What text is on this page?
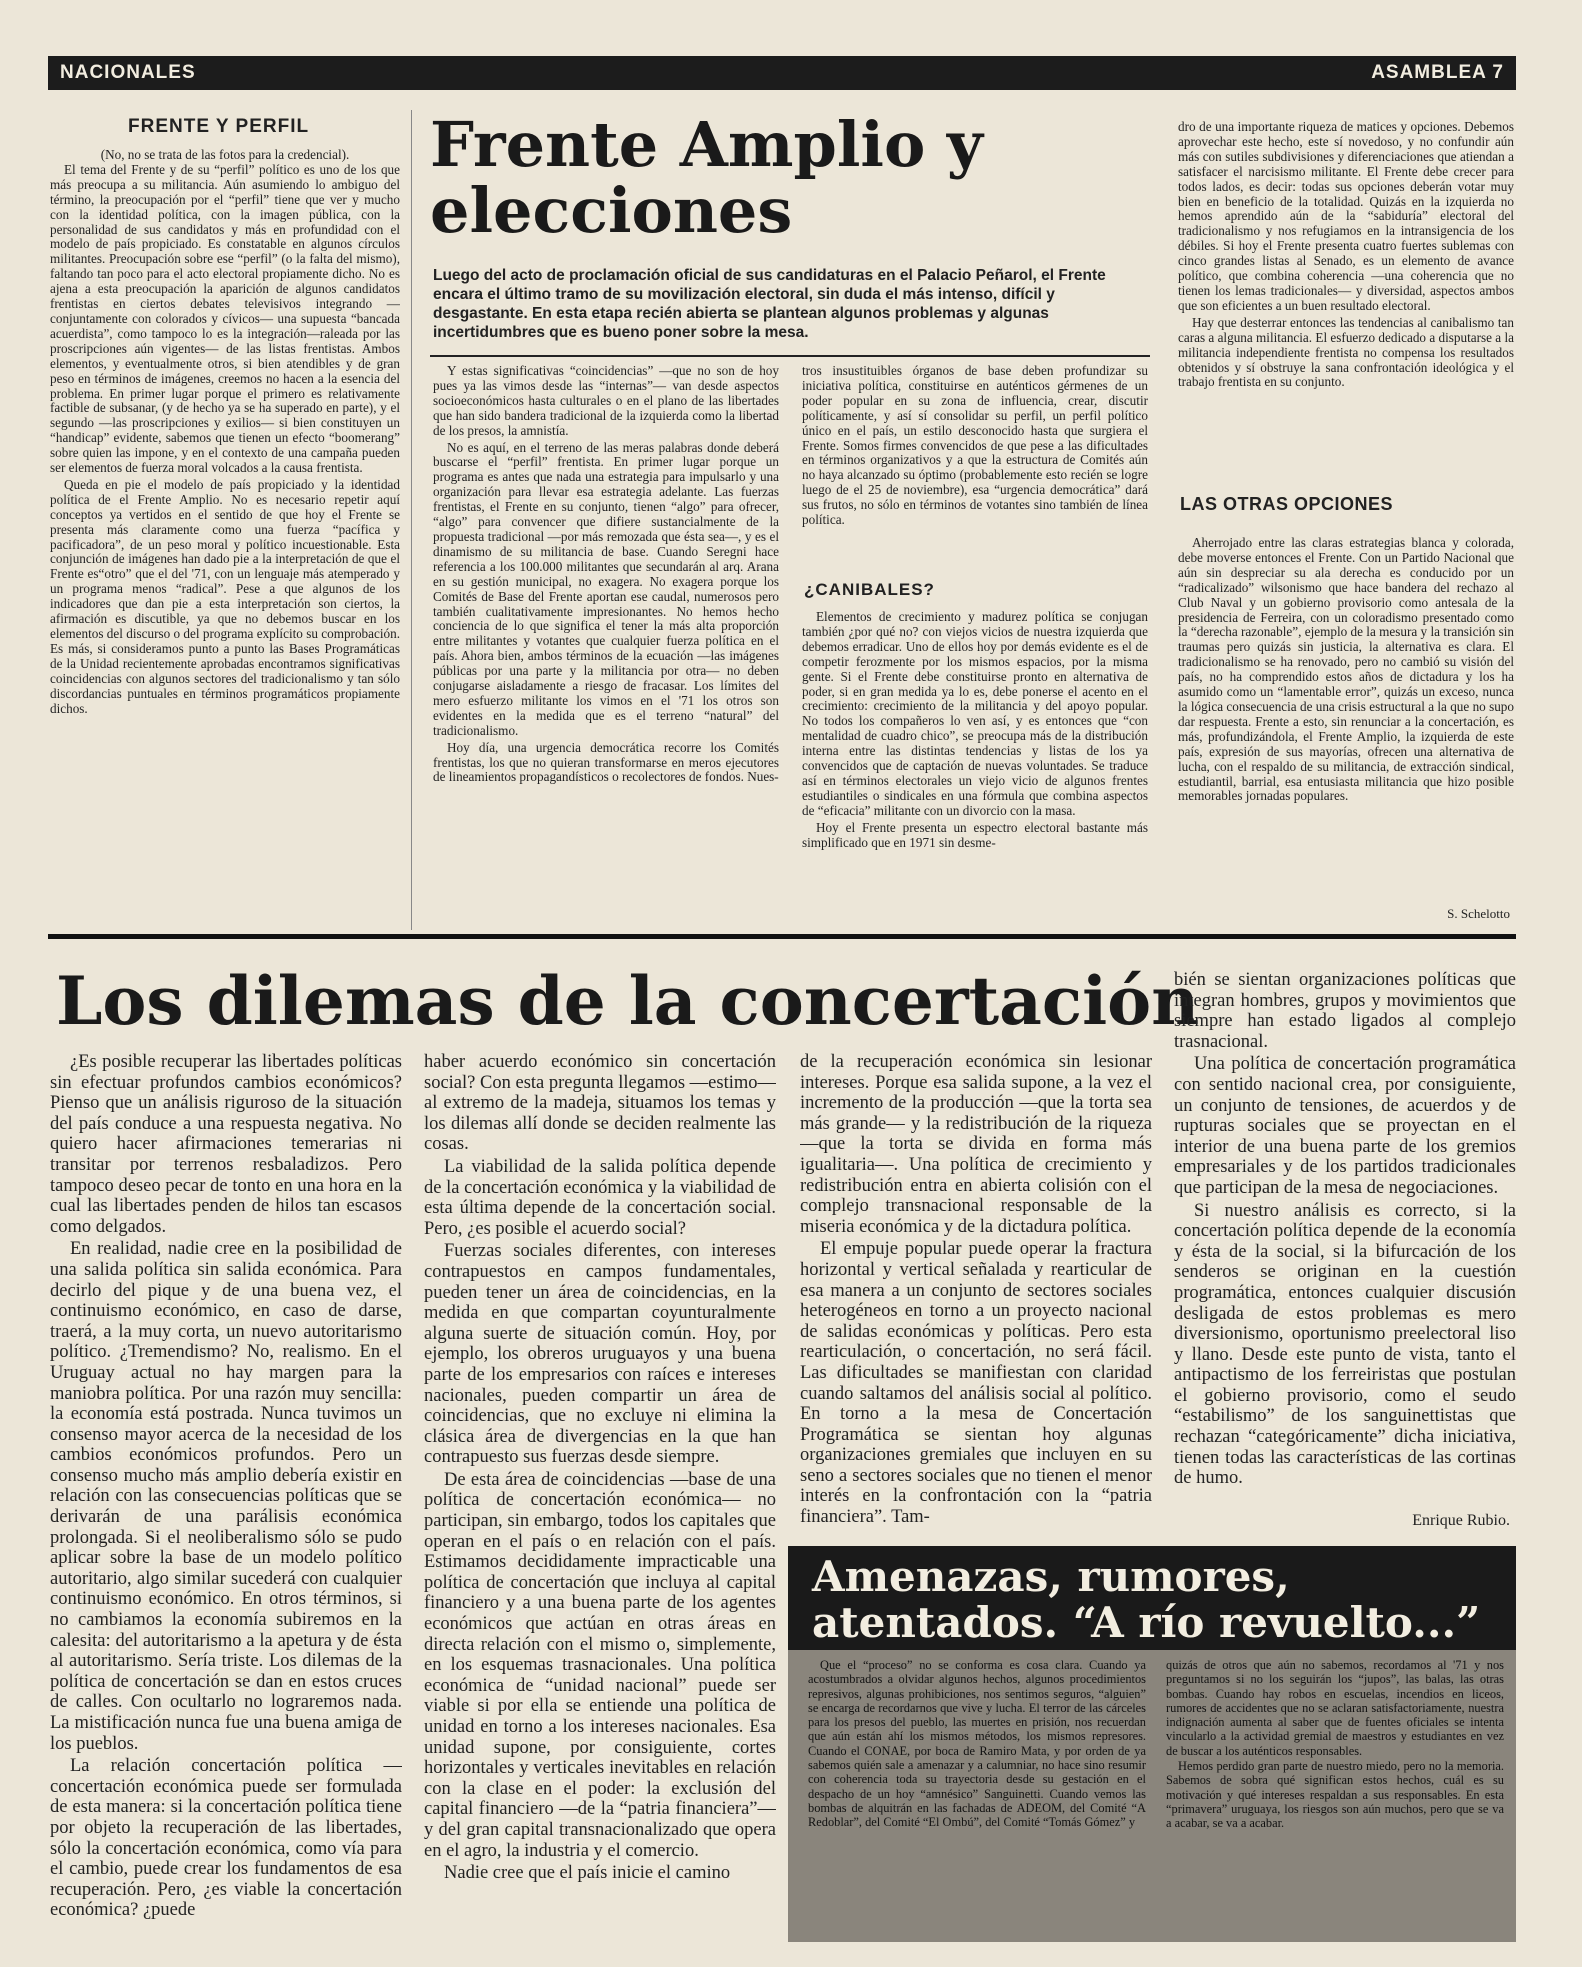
NACIONALES	ASAMBLEA 7
FRENTE Y PERFIL
(No, no se trata de las fotos para la credencial).

El tema del Frente y de su “perfil” político es uno de los que más preocupa a su militancia. Aún asumiendo lo ambiguo del término, la preocupación por el “perfil” tiene que ver y mucho con la identidad política, con la imagen pública, con la personalidad de sus candidatos y más en profundidad con el modelo de país propiciado. Es constatable en algunos círculos militantes. Preocupación sobre ese “perfil” (o la falta del mismo), faltando tan poco para el acto electoral propiamente dicho. No es ajena a esta preocupación la aparición de algunos candidatos frentistas en ciertos debates televisivos integrando —conjuntamente con colorados y cívicos— una supuesta “bancada acuerdista”, como tampoco lo es la integración—raleada por las proscripciones aún vigentes— de las listas frentistas. Ambos elementos, y eventualmente otros, si bien atendibles y de gran peso en términos de imágenes, creemos no hacen a la esencia del problema. En primer lugar porque el primero es relativamente factible de subsanar, (y de hecho ya se ha superado en parte), y el segundo —las proscripciones y exilios— si bien constituyen un “handicap” evidente, sabemos que tienen un efecto “boomerang” sobre quien las impone, y en el contexto de una campaña pueden ser elementos de fuerza moral volcados a la causa frentista.

Queda en pie el modelo de país propiciado y la identidad política de el Frente Amplio. No es necesario repetir aquí conceptos ya vertidos en el sentido de que hoy el Frente se presenta más claramente como una fuerza “pacífica y pacificadora”, de un peso moral y político incuestionable. Esta conjunción de imágenes han dado pie a la interpretación de que el Frente es“otro” que el del '71, con un lenguaje más atemperado y un programa menos “radical”. Pese a que algunos de los indicadores que dan pie a esta interpretación son ciertos, la afirmación es discutible, ya que no debemos buscar en los elementos del discurso o del programa explícito su comprobación. Es más, si consideramos punto a punto las Bases Programáticas de la Unidad recientemente aprobadas encontramos significativas coincidencias con algunos sectores del tradicionalismo y tan sólo discordancias puntuales en términos programáticos propiamente dichos.

Frente Amplio y elecciones
Luego del acto de proclamación oficial de sus candidaturas en el Palacio Peñarol, el Frente encara el último tramo de su movilización electoral, sin duda el más intenso, difícil y desgastante. En esta etapa recién abierta se plantean algunos problemas y algunas incertidumbres que es bueno poner sobre la mesa.

Y estas significativas “coincidencias” —que no son de hoy pues ya las vimos desde las “internas”— van desde aspectos socioeconómicos hasta culturales o en el plano de las libertades que han sido bandera tradicional de la izquierda como la libertad de los presos, la amnistía.

No es aquí, en el terreno de las meras palabras donde deberá buscarse el “perfil” frentista. En primer lugar porque un programa es antes que nada una estrategia para impulsarlo y una organización para llevar esa estrategia adelante. Las fuerzas frentistas, el Frente en su conjunto, tienen “algo” para ofrecer, “algo” para convencer que difiere sustancialmente de la propuesta tradicional —por más remozada que ésta sea—, y es el dinamismo de su militancia de base. Cuando Seregni hace referencia a los 100.000 militantes que secundarán al arq. Arana en su gestión municipal, no exagera. No exagera porque los Comités de Base del Frente aportan ese caudal, numerosos pero también cualitativamente impresionantes. No hemos hecho conciencia de lo que significa el tener la más alta proporción entre militantes y votantes que cualquier fuerza política en el país. Ahora bien, ambos términos de la ecuación —las imágenes públicas por una parte y la militancia por otra— no deben conjugarse aisladamente a riesgo de fracasar. Los límites del mero esfuerzo militante los vimos en el '71 los otros son evidentes en la medida que es el terreno “natural” del tradicionalismo.

Hoy día, una urgencia democrática recorre los Comités frentistas, los que no quieran transformarse en meros ejecutores de lineamientos propagandísticos o recolectores de fondos. Nues-

tros insustituibles órganos de base deben profundizar su iniciativa política, constituirse en auténticos gérmenes de un poder popular en su zona de influencia, crear, discutir políticamente, y así sí consolidar su perfil, un perfil político único en el país, un estilo desconocido hasta que surgiera el Frente. Somos firmes convencidos de que pese a las dificultades en términos organizativos y a que la estructura de Comités aún no haya alcanzado su óptimo (probablemente esto recién se logre luego de el 25 de noviembre), esa “urgencia democrática” dará sus frutos, no sólo en términos de votantes sino también de línea política.

¿CANIBALES?

Elementos de crecimiento y madurez política se conjugan también ¿por qué no? con viejos vicios de nuestra izquierda que debemos erradicar. Uno de ellos hoy por demás evidente es el de competir ferozmente por los mismos espacios, por la misma gente. Si el Frente debe constituirse pronto en alternativa de poder, si en gran medida ya lo es, debe ponerse el acento en el crecimiento: crecimiento de la militancia y del apoyo popular. No todos los compañeros lo ven así, y es entonces que “con mentalidad de cuadro chico”, se preocupa más de la distribución interna entre las distintas tendencias y listas de los ya convencidos que de captación de nuevas voluntades. Se traduce así en términos electorales un viejo vicio de algunos frentes estudiantiles o sindicales en una fórmula que combina aspectos de “eficacia” militante con un divorcio con la masa.

Hoy el Frente presenta un espectro electoral bastante más simplificado que en 1971 sin desme-

dro de una importante riqueza de matices y opciones. Debemos aprovechar este hecho, este sí novedoso, y no confundir aún más con sutiles subdivisiones y diferenciaciones que atiendan a satisfacer el narcisismo militante. El Frente debe crecer para todos lados, es decir: todas sus opciones deberán votar muy bien en beneficio de la totalidad. Quizás en la izquierda no hemos aprendido aún de la “sabiduría” electoral del tradicionalismo y nos refugiamos en la intransigencia de los débiles. Si hoy el Frente presenta cuatro fuertes sublemas con cinco grandes listas al Senado, es un elemento de avance político, que combina coherencia —una coherencia que no tienen los lemas tradicionales— y diversidad, aspectos ambos que son eficientes a un buen resultado electoral.

Hay que desterrar entonces las tendencias al canibalismo tan caras a alguna militancia. El esfuerzo dedicado a disputarse a la militancia independiente frentista no compensa los resultados obtenidos y sí obstruye la sana confrontación ideológica y el trabajo frentista en su conjunto.

LAS OTRAS OPCIONES

Aherrojado entre las claras estrategias blanca y colorada, debe moverse entonces el Frente. Con un Partido Nacional que aún sin despreciar su ala derecha es conducido por un “radicalizado” wilsonismo que hace bandera del rechazo al Club Naval y un gobierno provisorio como antesala de la presidencia de Ferreira, con un coloradismo presentado como la “derecha razonable”, ejemplo de la mesura y la transición sin traumas pero quizás sin justicia, la alternativa es clara. El tradicionalismo se ha renovado, pero no cambió su visión del país, no ha comprendido estos años de dictadura y los ha asumido como un “lamentable error”, quizás un exceso, nunca la lógica consecuencia de una crisis estructural a la que no supo dar respuesta. Frente a esto, sin renunciar a la concertación, es más, profundizándola, el Frente Amplio, la izquierda de este país, expresión de sus mayorías, ofrecen una alternativa de lucha, con el respaldo de su militancia, de extracción sindical, estudiantil, barrial, esa entusiasta militancia que hizo posible memorables jornadas populares.

S. Schelotto
Los dilemas de la concertación

¿Es posible recuperar las libertades políticas sin efectuar profundos cambios económicos? Pienso que un análisis riguroso de la situación del país conduce a una respuesta negativa. No quiero hacer afirmaciones temerarias ni transitar por terrenos resbaladizos. Pero tampoco deseo pecar de tonto en una hora en la cual las libertades penden de hilos tan escasos como delgados.

En realidad, nadie cree en la posibilidad de una salida política sin salida económica. Para decirlo del pique y de una buena vez, el continuismo económico, en caso de darse, traerá, a la muy corta, un nuevo autoritarismo político. ¿Tremendismo? No, realismo. En el Uruguay actual no hay margen para la maniobra política. Por una razón muy sencilla: la economía está postrada. Nunca tuvimos un consenso mayor acerca de la necesidad de los cambios económicos profundos. Pero un consenso mucho más amplio debería existir en relación con las consecuencias políticas que se derivarán de una parálisis económica prolongada. Si el neoliberalismo sólo se pudo aplicar sobre la base de un modelo político autoritario, algo similar sucederá con cualquier continuismo económico. En otros términos, si no cambiamos la economía subiremos en la calesita: del autoritarismo a la apetura y de ésta al autoritarismo. Sería triste. Los dilemas de la política de concertación se dan en estos cruces de calles. Con ocultarlo no lograremos nada. La mistificación nunca fue una buena amiga de los pueblos.

La relación concertación política —concertación económica puede ser formulada de esta manera: si la concertación política tiene por objeto la recuperación de las libertades, sólo la concertación económica, como vía para el cambio, puede crear los fundamentos de esa recuperación. Pero, ¿es viable la concertación económica? ¿puede

haber acuerdo económico sin concertación social? Con esta pregunta llegamos —estimo— al extremo de la madeja, situamos los temas y los dilemas allí donde se deciden realmente las cosas.

La viabilidad de la salida política depende de la concertación económica y la viabilidad de esta última depende de la concertación social. Pero, ¿es posible el acuerdo social?

Fuerzas sociales diferentes, con intereses contrapuestos en campos fundamentales, pueden tener un área de coincidencias, en la medida en que compartan coyunturalmente alguna suerte de situación común. Hoy, por ejemplo, los obreros uruguayos y una buena parte de los empresarios con raíces e intereses nacionales, pueden compartir un área de coincidencias, que no excluye ni elimina la clásica área de divergencias en la que han contrapuesto sus fuerzas desde siempre.

De esta área de coincidencias —base de una política de concertación económica— no participan, sin embargo, todos los capitales que operan en el país o en relación con el país. Estimamos decididamente impracticable una política de concertación que incluya al capital financiero y a una buena parte de los agentes económicos que actúan en otras áreas en directa relación con el mismo o, simplemente, en los esquemas trasnacionales. Una política económica de “unidad nacional” puede ser viable si por ella se entiende una política de unidad en torno a los intereses nacionales. Esa unidad supone, por consiguiente, cortes horizontales y verticales inevitables en relación con la clase en el poder: la exclusión del capital financiero —de la “patria financiera”— y del gran capital transnacionalizado que opera en el agro, la industria y el comercio.

Nadie cree que el país inicie el camino

de la recuperación económica sin lesionar intereses. Porque esa salida supone, a la vez el incremento de la producción —que la torta sea más grande— y la redistribución de la riqueza —que la torta se divida en forma más igualitaria—. Una política de crecimiento y redistribución entra en abierta colisión con el complejo transnacional responsable de la miseria económica y de la dictadura política.

El empuje popular puede operar la fractura horizontal y vertical señalada y rearticular de esa manera a un conjunto de sectores sociales heterogéneos en torno a un proyecto nacional de salidas económicas y políticas. Pero esta rearticulación, o concertación, no será fácil. Las dificultades se manifiestan con claridad cuando saltamos del análisis social al político. En torno a la mesa de Concertación Programática se sientan hoy algunas organizaciones gremiales que incluyen en su seno a sectores sociales que no tienen el menor interés en la confrontación con la “patria financiera”. Tam-

bién se sientan organizaciones políticas que integran hombres, grupos y movimientos que siempre han estado ligados al complejo trasnacional.

Una política de concertación programática con sentido nacional crea, por consiguiente, un conjunto de tensiones, de acuerdos y de rupturas sociales que se proyectan en el interior de una buena parte de los gremios empresariales y de los partidos tradicionales que participan de la mesa de negociaciones.

Si nuestro análisis es correcto, si la concertación política depende de la economía y ésta de la social, si la bifurcación de los senderos se originan en la cuestión programática, entonces cualquier discusión desligada de estos problemas es mero diversionismo, oportunismo preelectoral liso y llano. Desde este punto de vista, tanto el antipactismo de los ferreiristas que postulan el gobierno provisorio, como el seudo “estabilismo” de los sanguinettistas que rechazan “categóricamente” dicha iniciativa, tienen todas las características de las cortinas de humo.

Enrique Rubio.
Amenazas, rumores, atentados. “A río revuelto...”

Que el “proceso” no se conforma es cosa clara. Cuando ya acostumbrados a olvidar algunos hechos, algunos procedimientos represivos, algunas prohibiciones, nos sentimos seguros, “alguien” se encarga de recordarnos que vive y lucha. El terror de las cárceles para los presos del pueblo, las muertes en prisión, nos recuerdan que aún están ahí los mismos métodos, los mismos represores. Cuando el CONAE, por boca de Ramiro Mata, y por orden de ya sabemos quién sale a amenazar y a calumniar, no hace sino resumir con coherencia toda su trayectoria desde su gestación en el despacho de un hoy “amnésico” Sanguinetti. Cuando vemos las bombas de alquitrán en las fachadas de ADEOM, del Comité “A Redoblar”, del Comité “El Ombú”, del Comité “Tomás Gómez” y

quizás de otros que aún no sabemos, recordamos al '71 y nos preguntamos si no los seguirán los “jupos”, las balas, las otras bombas. Cuando hay robos en escuelas, incendios en liceos, rumores de accidentes que no se aclaran satisfactoriamente, nuestra indignación aumenta al saber que de fuentes oficiales se intenta vincularlo a la actividad gremial de maestros y estudiantes en vez de buscar a los auténticos responsables.

Hemos perdido gran parte de nuestro miedo, pero no la memoria. Sabemos de sobra qué significan estos hechos, cuál es su motivación y qué intereses respaldan a sus responsables. En esta “primavera” uruguaya, los riesgos son aún muchos, pero que se va a acabar, se va a acabar.
